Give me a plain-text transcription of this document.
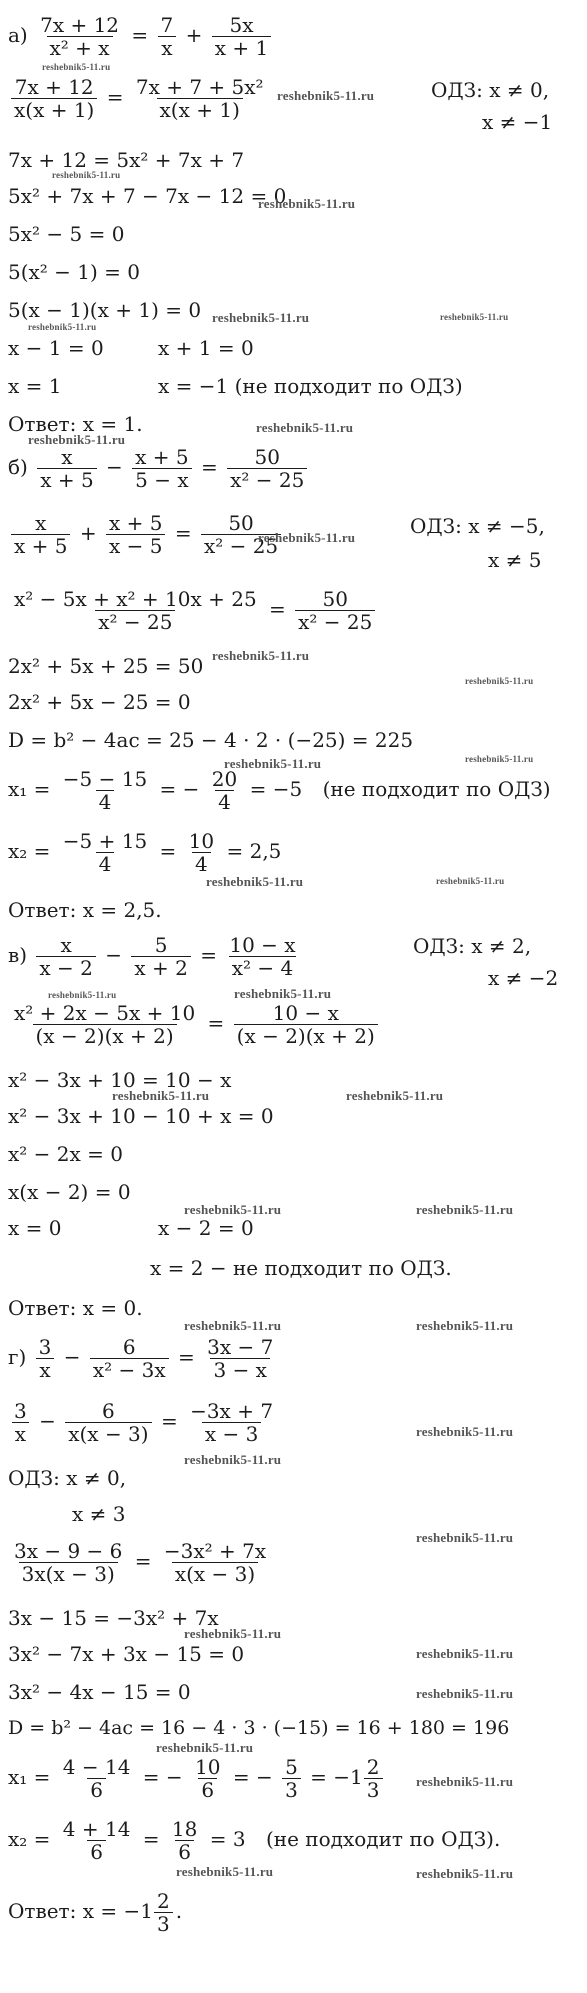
$а) \frac{7x + 12}{\text{x² + x}} = \frac{7}{x} + \frac{5x}{x + 1}$
reshebnik5-11.ru
$\frac{7x + 12}{x(x + 1)} = \frac{\text{7x + 7 + 5x²}}{x(x + 1)}$ reshebnik5-11.ru	ОДЗ: x ≠ 0,
x ≠ −1
7x + 12 = 5x² + 7x + 7
reshebnik5-11.ru
5x² + 7x + 7 − 7x − 12 = 0
reshebnik5-11.ru
5x² − 5 = 0
5(x² − 1) = 0
5(x − 1)(x + 1) = 0 reshebnik5-11.ru	reshebnik5-11.ru
reshebnik5-11.ru
x − 1 = 0	x + 1 = 0
x = 1	x = −1 (не подходит по ОДЗ)
Ответ: x = 1.	reshebnik5-11.ru
reshebnik5-11.ru
$б) \frac{x}{x + 5} - \frac{x + 5}{5 - x} = \frac{50}{\text{x² − 25}}$
$\frac{x}{x + 5} + \frac{x + 5}{x - 5} = \frac{50}{\text{x² − 25}}$
reshebnik5-11.ru	ОДЗ: x ≠ −5,
x ≠ 5
$\frac{\text{x² − 5x + x² + 10x + 25}}{\text{x² − 25}} = \frac{50}{\text{x² − 25}}$
2x² + 5x + 25 = 50 reshebnik5-11.ru
reshebnik5-11.ru
2x² + 5x − 25 = 0
D = b² − 4ac = 25 − 4 · 2 · (−25) = 225
reshebnik5-11.ru	reshebnik5-11.ru
$x_1 = \frac{-5 - 15}{4}$ = − $\frac{20}{4} = -5$ (не подходит по ОДЗ)
$x_2 = \frac{-5 + 15}{4} = \frac{10}{4} = 2,5$
reshebnik5-11.ru	reshebnik5-11.ru
Ответ: x = 2,5.
$в) \frac{x}{x - 2} - \frac{5}{x + 2} = \frac{10 - x}{\text{x² − 4}}$	ОДЗ: x ≠ 2,
x ≠ −2
reshebnik5-11.ru	reshebnik5-11.ru
$\frac{\text{x² + 2x − 5x + 10}}{(x - 2)(x + 2)} = \frac{10 - x}{(x - 2)(x + 2)}$
x² − 3x + 10 = 10 − x
reshebnik5-11.ru	reshebnik5-11.ru
x² − 3x + 10 − 10 + x = 0
x² − 2x = 0
x(x − 2) = 0
reshebnik5-11.ru	reshebnik5-11.ru
x = 0	x − 2 = 0
x = 2 − не подходит по ОДЗ.
Ответ: x = 0.
reshebnik5-11.ru	reshebnik5-11.ru
$г) \frac{3}{x} - \frac{6}{\text{x² − 3x}} = \frac{3x - 7}{3 - x}$
$\frac{3}{x} - \frac{6}{x(x - 3)} = \frac{-3x + 7}{x - 3}$	reshebnik5-11.ru
reshebnik5-11.ru
ОДЗ: x ≠ 0,
x ≠ 3
reshebnik5-11.ru
$\frac{3x - 9 - 6}{3x(x - 3)} = \frac{\text{−3x² + 7x}}{x(x - 3)}$
3x − 15 = −3x² + 7x
reshebnik5-11.ru
3x² − 7x + 3x − 15 = 0	reshebnik5-11.ru
3x² − 4x − 15 = 0	reshebnik5-11.ru
D = b² − 4ac = 16 − 4 · 3 · (−15) = 16 + 180 = 196
reshebnik5-11.ru
$x_1 = \frac{4 - 14}{6}$ = − $\frac{10}{6}$ = − $\frac{5}{3} = -1 \frac{2}{3}$	reshebnik5-11.ru
$x_2 = \frac{4 + 14}{6} = \frac{18}{6} = 3$ (не подходит по ОДЗ).
reshebnik5-11.ru	reshebnik5-11.ru
Ответ: $x = -1 \frac{2}{3}$ .
